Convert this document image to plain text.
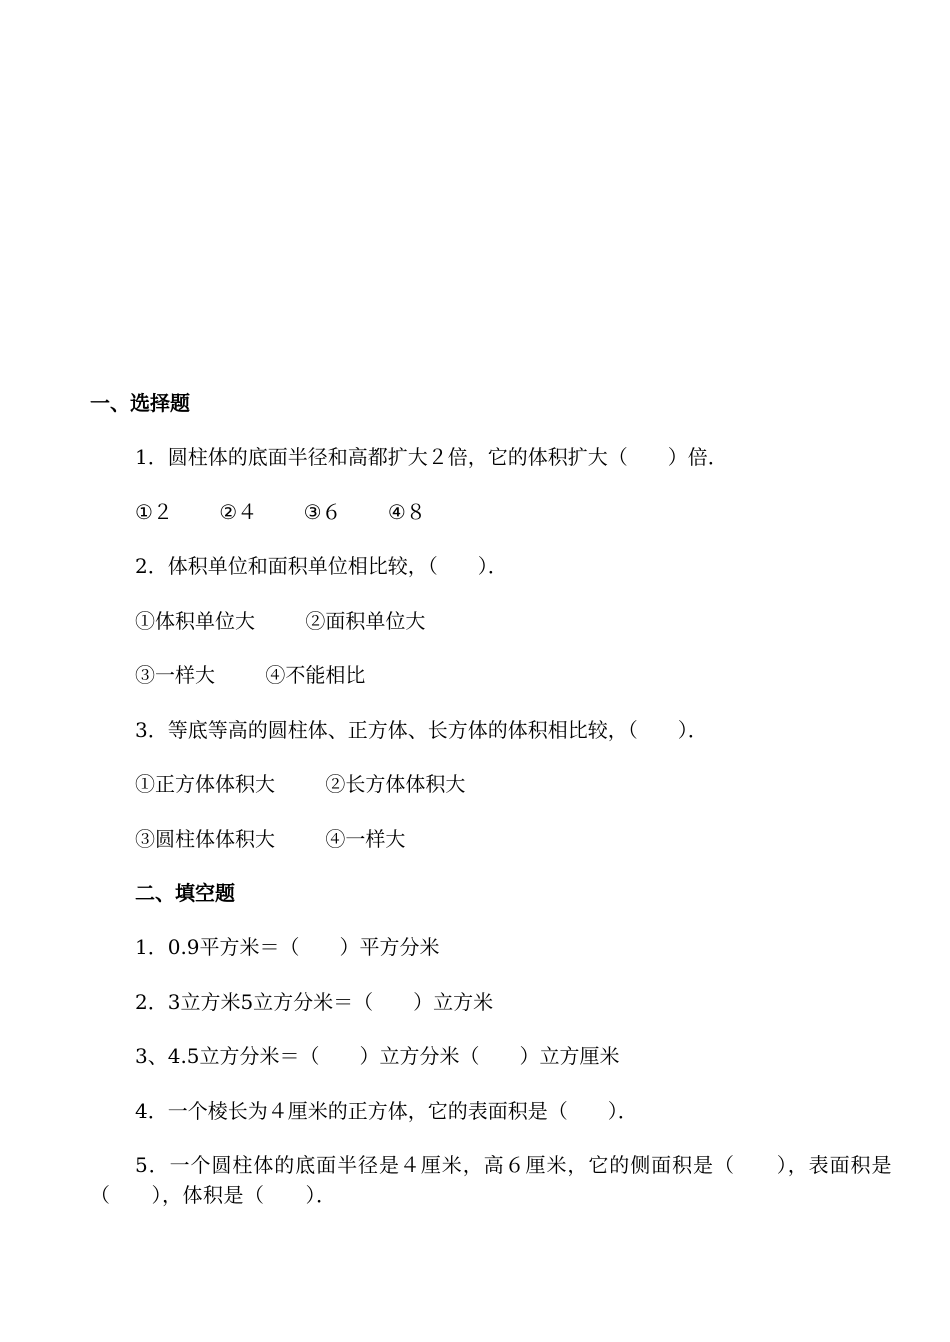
一、选择题
1．圆柱体的底面半径和高都扩大２倍，它的体积扩大（　　）倍．
①２ ②４ ③６ ④８
2．体积单位和面积单位相比较，（　　）．
①体积单位大	②面积单位大
③一样大	④不能相比
3．等底等高的圆柱体、正方体、长方体的体积相比较，（　　）．
①正方体体积大	②长方体体积大
③圆柱体体积大	④一样大
二、填空题
1．0.9平方米＝（　　）平方分米
2．3立方米5立方分米＝（　　）立方米
3、4.5立方分米＝（　　）立方分米（　　）立方厘米
4．一个棱长为４厘米的正方体，它的表面积是（　　）．
5．一个圆柱体的底面半径是４厘米，高６厘米，它的侧面积是（　　），表面积是（　　），体积是（　　）．
